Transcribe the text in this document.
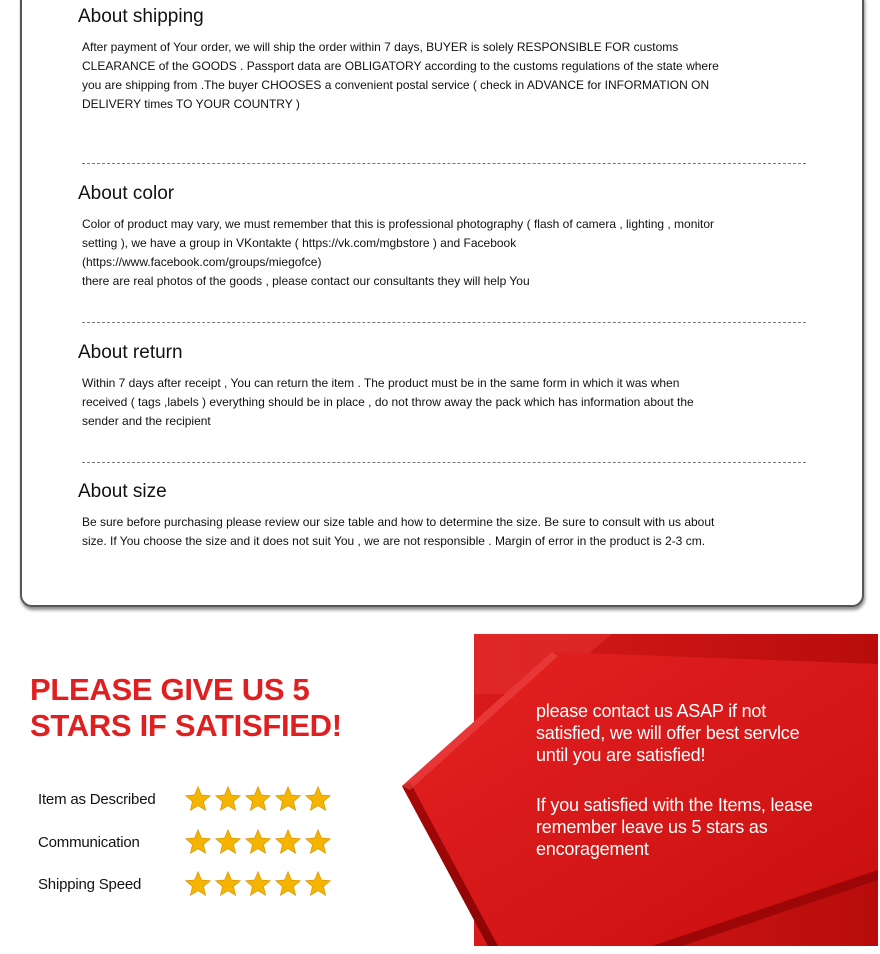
About shipping

After payment of Your order, we will ship the order within 7 days, BUYER is solely RESPONSIBLE FOR customs
CLEARANCE of the GOODS . Passport data are OBLIGATORY according to the customs regulations of the state where
you are shipping from .The buyer CHOOSES a convenient postal service ( check in ADVANCE for INFORMATION ON
DELIVERY times TO YOUR COUNTRY )

About color

Color of product may vary, we must remember that this is professional photography ( flash of camera , lighting , monitor
setting ), we have a group in VKontakte ( https://vk.com/mgbstore ) and Facebook
(https://www.facebook.com/groups/miegofce)
there are real photos of the goods , please contact our consultants they will help You

About return

Within 7 days after receipt , You can return the item . The product must be in the same form in which it was when
received ( tags ,labels ) everything should be in place , do not throw away the pack which has information about the
sender and the recipient

About size

Be sure before purchasing please review our size table and how to determine the size. Be sure to consult with us about
size. If You choose the size and it does not suit You , we are not responsible . Margin of error in the product is 2-3 cm.

PLEASE GIVE US 5
STARS IF SATISFIED!
Item as Described
Communication
Shipping Speed
please contact us ASAP if not
satisfied, we will offer best servlce
until you are satisfied!
If you satisfied with the Items, lease
remember leave us 5 stars as
encoragement
